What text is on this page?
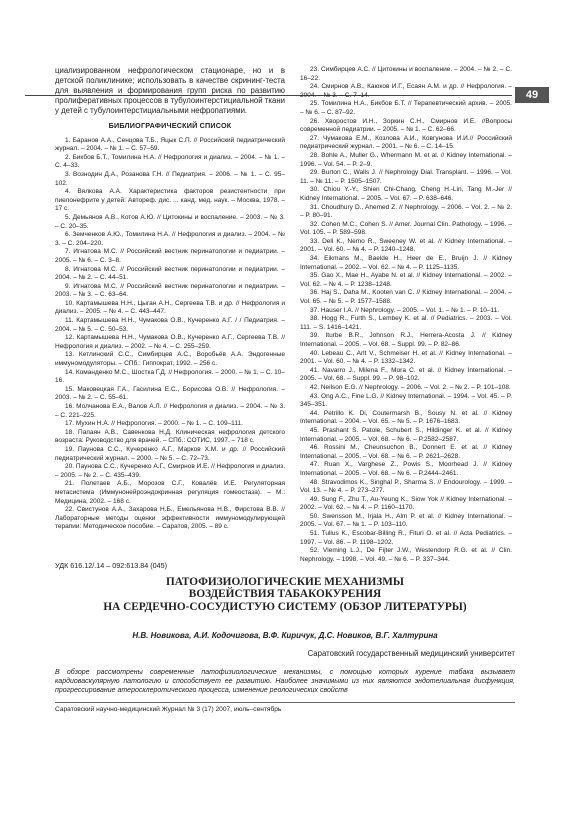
49
циализированном нефрологическом стационаре, но и в детской поликлинике; использовать в качестве скрининг-теста для выявления и формирования групп риска по развитию пролиферативных процессов в тубулоинтерстициальной ткани у детей с тубулоинтерстициальными нефропатиями.
БИБЛИОГРАФИЧЕСКИЙ СПИСОК

1. Баранов А.А., Сенцова Т.Б., Яцык С.П. // Российский педиатрический журнал. – 2004. – № 1. – С. 57–59.

2. Бикбов Б.Т., Томилина Н.А. // Нефрология и диализ. – 2004. – № 1. – С. 4–33.

3. Вознодин Д.А., Розанова Г.Н. // Педиатрия. – 2006. – № 1. – С. 95–102.

4. Вялкова А.А. Характеристика факторов резистентности при пиелонефрите у детей: Автореф. дис. ... канд. мед. наук. – Москва, 1978. – 17 с.

5. Демьянов А.В., Котов А.Ю. // Цитокины и воспаление. – 2003. – № 3. – С. 20–35.

6. Земченков А.Ю., Томилина Н.А. // Нефрология и диализ. – 2004. – № 3. – С. 204–220.

7. Игнатова М.С. // Российский вестник перинатологии и педиатрии. – 2005. – № 6. – С. 3–8.

8. Игнатова М.С. // Российский вестник перинатологии и педиатрии. – 2004. – № 2. – С. 44–51.

9. Игнатова М.С. // Российский вестник перинатологии и педиатрии. – 2003. – № 3. – С. 63–64.

10. Картамышева Н.Н., Цыган А.Н., Сергеева Т.В. и др. // Нефрология и диализ. – 2005. – № 4. – С. 443–447.

11. Картамышева Н.Н., Чумакова О.В., Кучеренко А.Г. / / Педиатрия. – 2004. – № 5. – С. 50–53.

12. Картамышева Н.Н., Чумакова О.В., Кучеренко А.Г., Сергеева Т.В. // Нефрология и диализ. – 2002. – № 4. – С. 255–259.

13. Кетлинский С.С., Симбирцев А.С., Воробьёв А.А. Эндогенные иммуномодуляторы. – СПб.: Гиппократ, 1992. – 256 с.

14. Команденко М.С., Шостка Г.Д. // Нефрология. – 2000. – № 1. – С. 10–16.

15. Маковецкая Г.А., Гасилина Е.С., Борисова О.В. // Нефрология. – 2003. – № 2. – С. 55–61.

16. Молчанова Е.А., Валов А.Л. // Нефрология и диализ. – 2004. – № 3. – С. 221–225.

17. Мухин Н.А. // Нефрология. – 2000. – № 1. – С. 109–111.

18. Папаян А.В., Савенкова Н.Д. Клиническая нефрология детского возраста: Руководство для врачей. – СПб.: СОТИС, 1997. – 718 с.

19. Паунова С.С., Кучеренко А.Г., Марков Х.М. и др. // Российский педиатрический журнал. – 2000. – № 5. – С. 72–73.

20. Паунова С.С., Кучеренко А.Г., Смирнов И.Е. // Нефрология и диализ. – 2005. – № 2. – С. 435–439.

21. Полетаев А.Б., Морозов С.Г., Ковалёв И.Е. Регуляторная метасистема (Иммунонейроэндокринная регуляция гомеостаза). – М.: Медицина, 2002. – 168 с.

22. Свистунов А.А., Захарова Н.Б., Емельянова Н.В., Фирстова В.В. // Лабораторные методы оценки эффективности иммуномодулирующей терапии: Методическое пособие. – Саратов, 2005. – 89 с.

23. Симбирцев А.С. // Цитокины и воспаление. – 2004. – № 2. – С. 16–22.

24. Смирнов А.В., Каюков И.Г., Есаян А.М. и др. // Нефрология. – 2004. – № 3. – С. 7–14.

25. Томилина Н.А., Бикбов Б.Т. // Терапевтический архив. – 2005. – № 6. – С. 87–92.

26. Хворостов И.Н., Зоркин С.Н., Смирнов И.Е. //Вопросы современной педиатрии. – 2005. – № 1. – С. 62–66.

27. Чумакова Е.М., Козлова А.И., Ковгунова И.И.// Российский педиатрический журнал. – 2001. – № 6. – С. 14–15.

28. Bohle A., Muller G., Whermann M. et al. // Kidney International. – 1996. – Vol. 54. – P. 2–9.

29. Burton C., Walls J. // Nephrology Dial. Transplant. – 1996. – Vol. 11. – № 11. – P. 1505–1507.

30. Chiou Y.-Y., Shien Chi-Chang, Cheng H.-Lin, Tang M.-Jer // Kidney International. – 2005. – Vol. 67. – P. 638–646.

31. Choudhury D., Ahemed Z. // Nephrology. – 2006. – Vol. 2. – № 2. – P. 80–91.

32. Cohen M.C., Cohen S. // Amer. Journal Clin. Pathology. – 1996. – Vol. 105. – P. 589–598.

33. Dell K., Nemo R., Sweeney W. et al. // Kidney International. – 2001. – Vol. 60. – № 4. – P. 1240–1248.

34. Eikmans M., Baelde H., Heer de E., Bruijn J. // Kidney International. – 2002. – Vol. 62. – № 4. – P. 1125–1135.

35. Gao X., Mae H., Ayabe N. et al. // Kidney International. – 2002. – Vol. 62. – № 4. – P. 1238–1248.

36. Haj S., Daha M., Kooten van C. // Kidney International. – 2004. – Vol. 65. – № 5. – P. 1577–1588.

37. Hauser I.A. // Nephrology. – 2005. – Vol. 1. – № 1. – P. 10–11.

38. Hogg R., Furth S., Lembey K. et al. // Pediatrics. – 2003. – Vol. 111. – S. 1416–1421.

39. Iturbe B.R., Johnson R.J., Herrera-Acosta J. // Kidney International. – 2005. – Vol. 68. – Suppl. 99. – P. 82–86.

40. Lebeau C., Arlt V., Schmeiser H. et al. // Kidney International. – 2001. – Vol. 60. – № 4. – P. 1332–1342.

41. Navarro J., Milena F., Mora C. et al. // Kidney International. – 2005. – Vol. 68. – Suppl. 99. – P. 98–102.

42. Neilson E.G. // Nephrology. – 2006. – Vol. 2. – № 2. – P. 101–108.

43. Ong A.C., Fine L.G. // Kidney International. – 1994. – Vol. 45. – P. 345–351.

44. Petrillo K. Di, Coutermarsh B., Sousy N. et al. // Kidney International. – 2004. – Vol. 65. – № 5. – P. 1676–1683.

45. Prashant S. Patole, Schubert S., Hildinger K. et al. // Kidney International. – 2005. – Vol. 68. – № 6. – P.2582–2587.

46. Rossini M., Cheunsuchon B., Donnert E. et al. // Kidney International. – 2005. – Vol. 68. – № 6. – P. 2621–2628.

47. Ruan X., Varghese Z., Powis S., Moorhead J. // Kidney International. – 2005. – Vol. 68. – № 6. – P.2444–2461.

48. Stravodimos K., Singhal P., Sharma S. // Endourology. – 1999. – Vol. 13. – № 4. – P. 273–277.

49. Sung F., Zhu T., Au-Yeung K., Siow Yok // Kidney International. – 2002. – Vol. 62. – № 4. – P. 1160–1170.

50. Swensson M., Irjala H., Alm P. et al. // Kidney International. – 2005. – Vol. 67. – № 1. – P. 103–110.

51. Tullus K., Escobar-Billing R., Fituri O. et al. // Acta Pediatrics. – 1997. – Vol. 86. – P. 1198–1202.

52. Vleming L.J., De Fijter J.W., Westendorp R.G. et al. // Clin. Nephrology. – 1998. – Vol. 49. – № 6. – P. 337–344.

УДК 616.12/.14 – 092:613.84 (045)
ПАТОФИЗИОЛОГИЧЕСКИЕ МЕХАНИЗМЫ
ВОЗДЕЙСТВИЯ ТАБАКОКУРЕНИЯ
НА СЕРДЕЧНО-СОСУДИСТУЮ СИСТЕМУ (ОБЗОР ЛИТЕРАТУРЫ)
Н.В. Новикова, А.И. Кодочигова, В.Ф. Киричук, Д.С. Новиков, В.Г. Халтурина
Саратовский государственный медицинский университет
В обзоре рассмотрены современные патофизиологические механизмы, с помощью которых курение табака вызывает кардиоваскулярную патологию и способствует ее развитию. Наиболее значимыми из них являются эндотелиальная дисфункция, прогрессирование атеросклеротического процесса, изменение реологических свойств
Саратовский научно-медицинский Журнал № 3 (17) 2007, июль–сентябрь
